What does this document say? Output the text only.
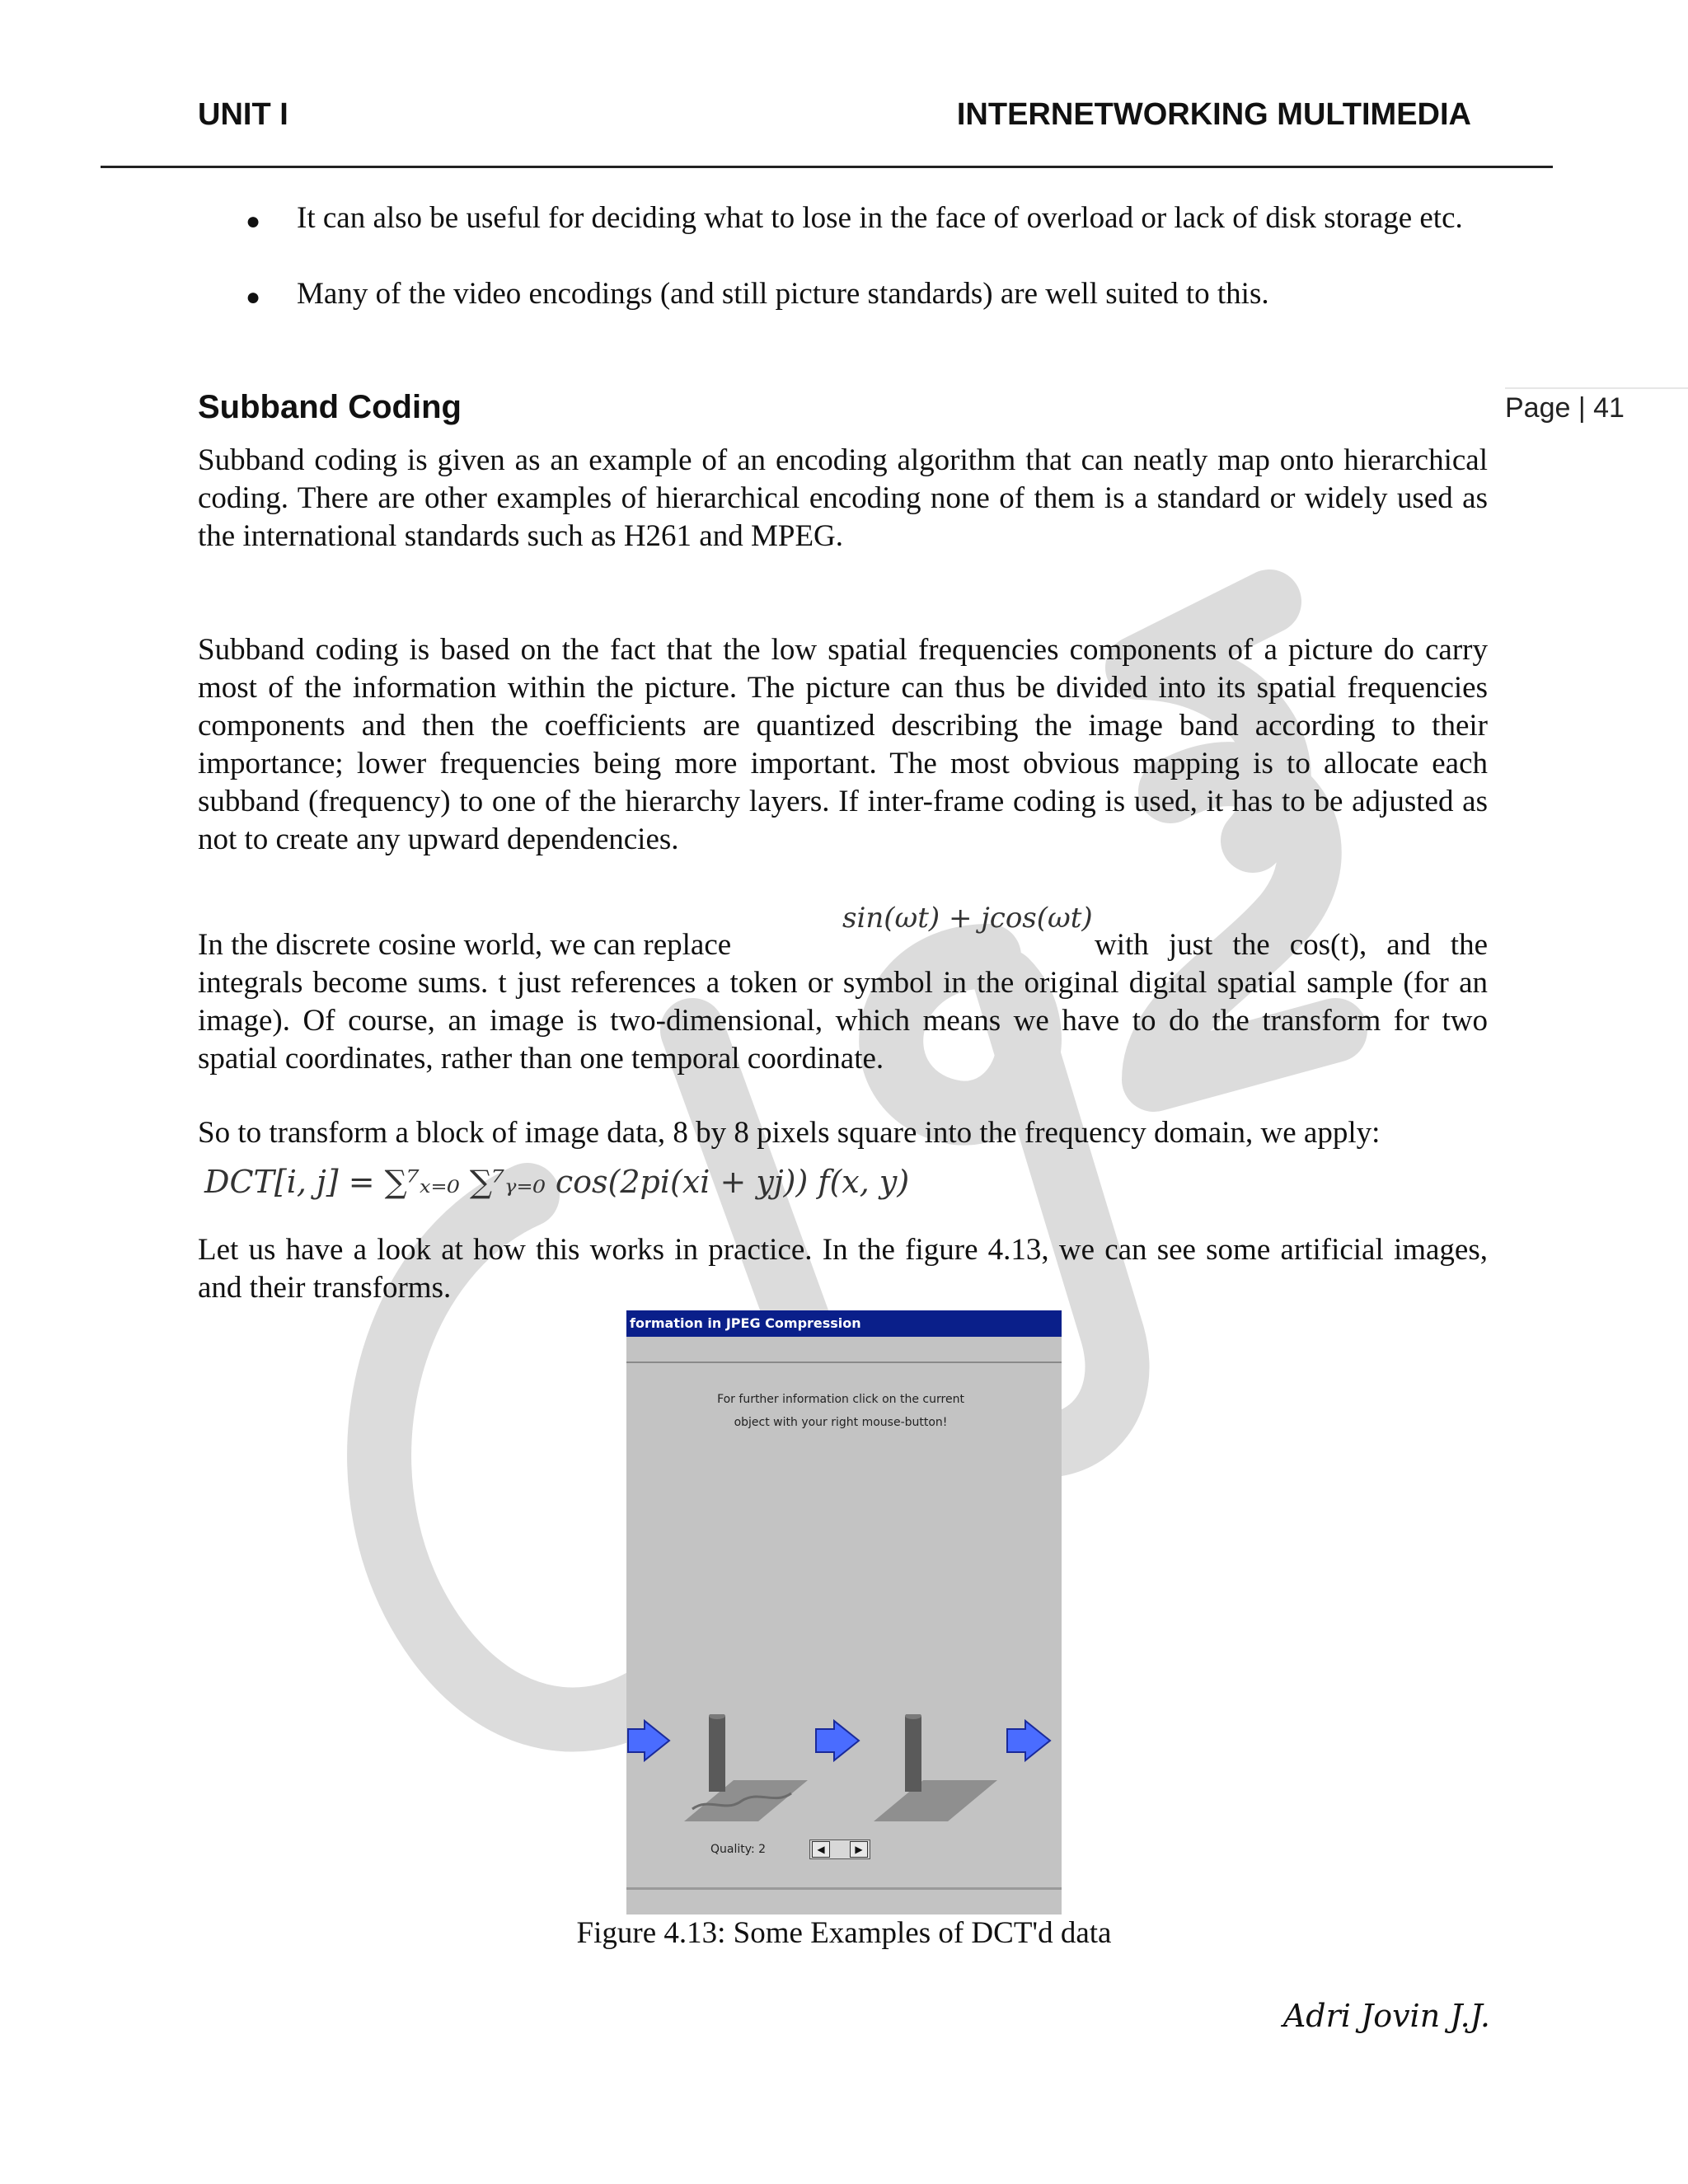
UNIT I	INTERNETWORKING MULTIMEDIA
Page | 41
● It can also be useful for deciding what to lose in the face of overload or lack of disk storage etc.
● Many of the video encodings (and still picture standards) are well suited to this.
Subband Coding
Subband coding is given as an example of an encoding algorithm that can neatly map onto hierarchical coding. There are other examples of hierarchical encoding none of them is a standard or widely used as the international standards such as H261 and MPEG.
Subband coding is based on the fact that the low spatial frequencies components of a picture do carry most of the information within the picture. The picture can thus be divided into its spatial frequencies components and then the coefficients are quantized describing the image band according to their importance; lower frequencies being more important. The most obvious mapping is to allocate each subband (frequency) to one of the hierarchy layers. If inter-frame coding is used, it has to be adjusted as not to create any upward dependencies.
In the discrete cosine world, we can replace
sin(ωt) + jcos(ωt)
with just the cos(t), and the integrals become sums. t just references a token or symbol in the original digital spatial sample (for an image). Of course, an image is two-dimensional, which means we have to do the transform for two spatial coordinates, rather than one temporal coordinate.
So to transform a block of image data, 8 by 8 pixels square into the frequency domain, we apply:
DCT[i, j] = ∑⁷ₓ₌₀ ∑⁷ᵧ₌₀ cos(2pi(xi + yj)) f(x, y)
Let us have a look at how this works in practice. In the figure 4.13, we can see some artificial images, and their transforms.
formation in JPEG Compression
For further information click on the current
object with your right mouse-button!
Quality: 2	◀	▶
Figure 4.13: Some Examples of DCT'd data
Adri Jovin J.J.
